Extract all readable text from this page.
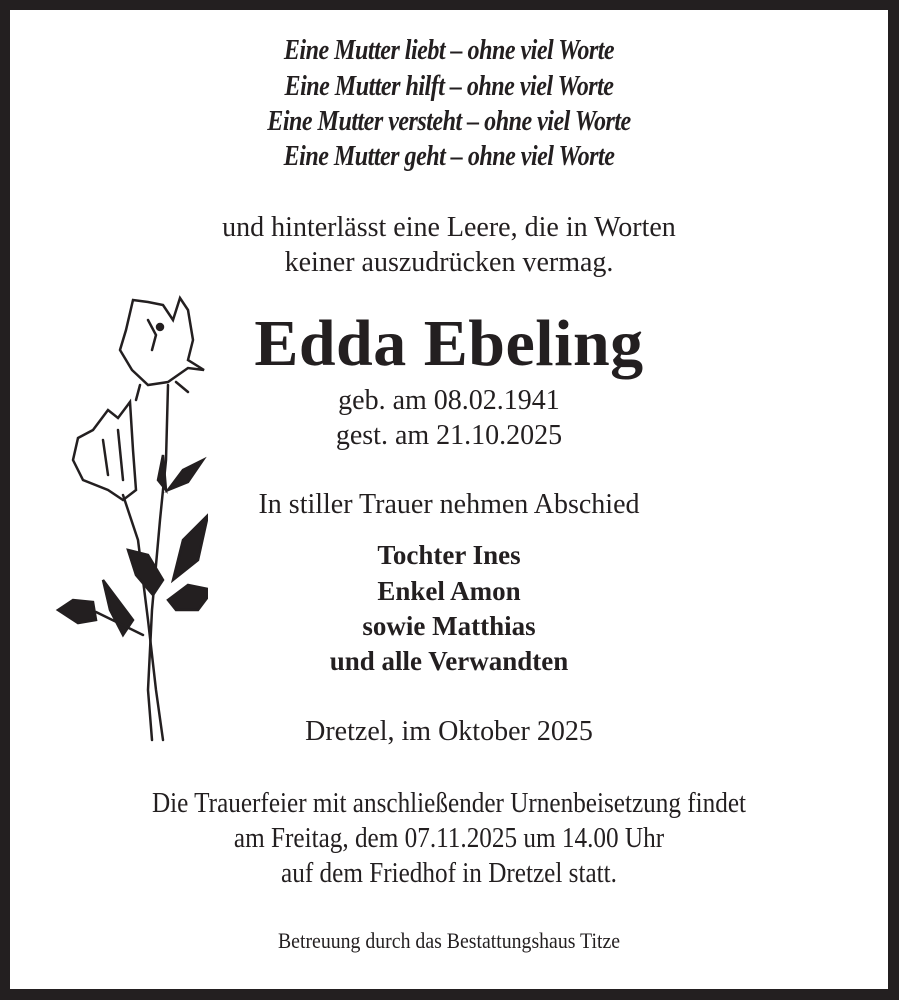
Eine Mutter liebt – ohne viel Worte
Eine Mutter hilft – ohne viel Worte
Eine Mutter versteht – ohne viel Worte
Eine Mutter geht – ohne viel Worte
und hinterlässt eine Leere, die in Worten
keiner auszudrücken vermag.
Edda Ebeling
geb. am 08.02.1941
gest. am 21.10.2025
In stiller Trauer nehmen Abschied
Tochter Ines
Enkel Amon
sowie Matthias
und alle Verwandten
Dretzel, im Oktober 2025
Die Trauerfeier mit anschließender Urnenbeisetzung findet
am Freitag, dem 07.11.2025 um 14.00 Uhr
auf dem Friedhof in Dretzel statt.
Betreuung durch das Bestattungshaus Titze
